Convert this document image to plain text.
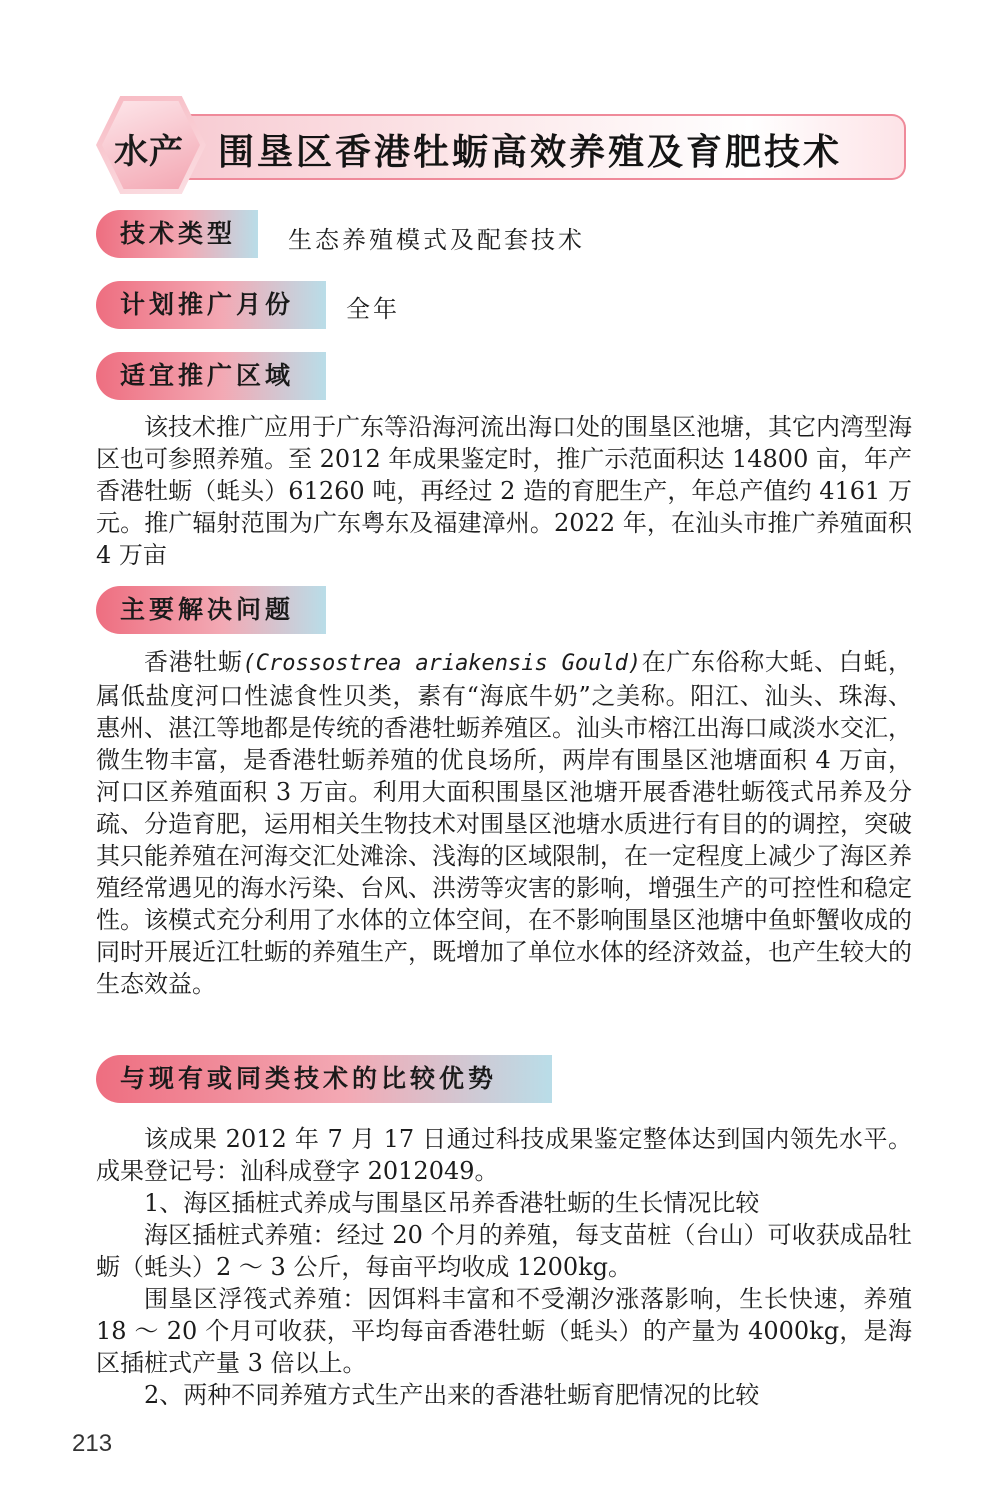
水产 围垦区香港牡蛎高效养殖及育肥技术
技术类型	生态养殖模式及配套技术
计划推广月份	全年
适宜推广区域

该技术推广应用于广东等沿海河流出海口处的围垦区池塘，其它内湾型海区也可参照养殖。至 2012 年成果鉴定时，推广示范面积达 14800 亩，年产香港牡蛎（蚝头）61260 吨，再经过 2 造的育肥生产，年总产值约 4161 万元。推广辐射范围为广东粤东及福建漳州。2022 年，在汕头市推广养殖面积 4 万亩

主要解决问题

香港牡蛎(Crossostrea ariakensis Gould)在广东俗称大蚝、白蚝，属低盐度河口性滤食性贝类，素有“海底牛奶”之美称。阳江、汕头、珠海、惠州、湛江等地都是传统的香港牡蛎养殖区。汕头市榕江出海口咸淡水交汇，微生物丰富，是香港牡蛎养殖的优良场所，两岸有围垦区池塘面积 4 万亩，河口区养殖面积 3 万亩。利用大面积围垦区池塘开展香港牡蛎筏式吊养及分疏、分造育肥，运用相关生物技术对围垦区池塘水质进行有目的的调控，突破其只能养殖在河海交汇处滩涂、浅海的区域限制，在一定程度上减少了海区养殖经常遇见的海水污染、台风、洪涝等灾害的影响，增强生产的可控性和稳定性。该模式充分利用了水体的立体空间，在不影响围垦区池塘中鱼虾蟹收成的同时开展近江牡蛎的养殖生产，既增加了单位水体的经济效益，也产生较大的生态效益。

与现有或同类技术的比较优势

该成果 2012 年 7 月 17 日通过科技成果鉴定整体达到国内领先水平。成果登记号：汕科成登字 2012049。

1、海区插桩式养成与围垦区吊养香港牡蛎的生长情况比较

海区插桩式养殖：经过 20 个月的养殖，每支苗桩（台山）可收获成品牡蛎（蚝头）2 ～ 3 公斤，每亩平均收成 1200kg。

围垦区浮筏式养殖：因饵料丰富和不受潮汐涨落影响，生长快速，养殖 18 ～ 20 个月可收获，平均每亩香港牡蛎（蚝头）的产量为 4000kg，是海区插桩式产量 3 倍以上。

2、两种不同养殖方式生产出来的香港牡蛎育肥情况的比较

213
